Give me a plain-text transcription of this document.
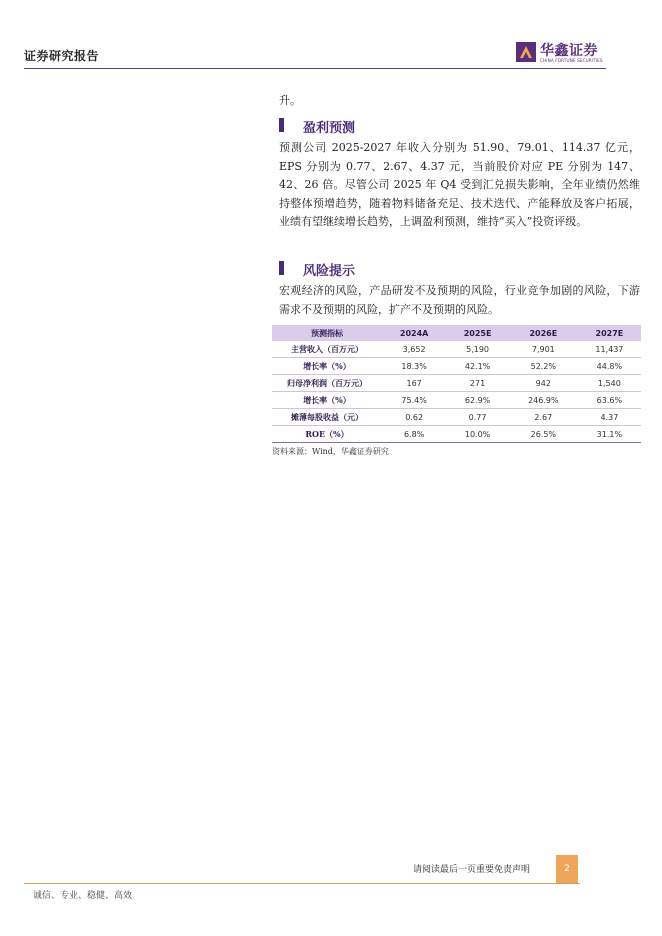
证券研究报告	华鑫证券
CHINA FORTUNE SECURITIES
升。
盈利预测
预测公司 2025-2027 年收入分别为 51.90、79.01、114.37 亿元，EPS 分别为 0.77、2.67、4.37 元，当前股价对应 PE 分别为 147、42、26 倍。尽管公司 2025 年 Q4 受到汇兑损失影响，全年业绩仍然维持整体预增趋势，随着物料储备充足、技术迭代、产能释放及客户拓展，业绩有望继续增长趋势，上调盈利预测，维持“买入”投资评级。
风险提示
宏观经济的风险，产品研发不及预期的风险，行业竞争加剧的风险，下游需求不及预期的风险，扩产不及预期的风险。
预测指标	2024A	2025E	2026E	2027E
主营收入（百万元）	3,652	5,190	7,901	11,437
增长率（%）	18.3%	42.1%	52.2%	44.8%
归母净利润（百万元）	167	271	942	1,540
增长率（%）	75.4%	62.9%	246.9%	63.6%
摊薄每股收益（元）	0.62	0.77	2.67	4.37
ROE（%）	6.8%	10.0%	26.5%	31.1%
资料来源：Wind，华鑫证券研究
请阅读最后一页重要免责声明	2
诚信、专业、稳健、高效
